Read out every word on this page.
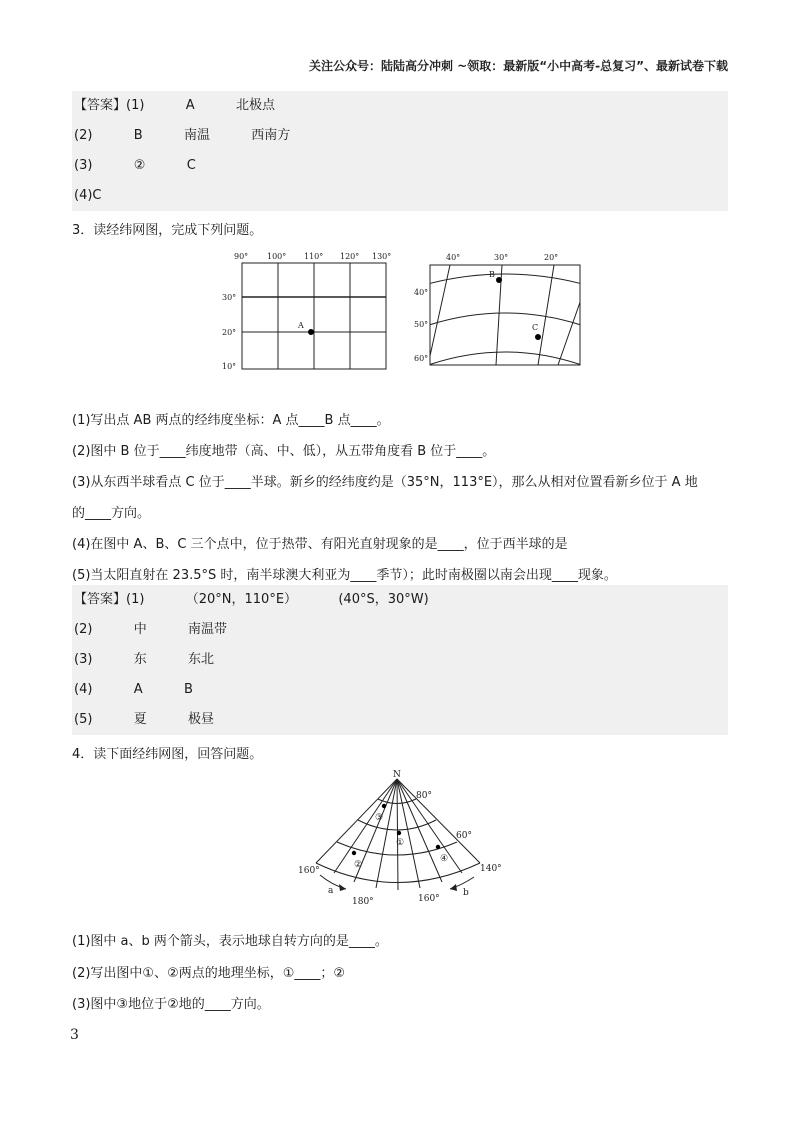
关注公众号：陆陆高分冲刺 ~领取：最新版“小中高考-总复习”、最新试卷下载
【答案】(1)          A          北极点
(2)          B          南温          西南方
(3)          ②          C
(4)C
3．读经纬网图，完成下列问题。
90° 100° 110° 120° 130°
30°
20°
10°
A
40°	30°	20°
40°
50°
60°
B
C
(1)写出点 AB 两点的经纬度坐标：A 点____B 点____。
(2)图中 B 位于____纬度地带（高、中、低），从五带角度看 B 位于____。
(3)从东西半球看点 C 位于____半球。新乡的经纬度约是（35°N，113°E），那么从相对位置看新乡位于 A 地
的____方向。
(4)在图中 A、B、C 三个点中，位于热带、有阳光直射现象的是____，位于西半球的是
(5)当太阳直射在 23.5°S 时，南半球澳大利亚为____季节）；此时南极圈以南会出现____现象。
【答案】(1)          （20°N，110°E）          (40°S，30°W)
(2)          中          南温带
(3)          东          东北
(4)          A          B
(5)          夏          极昼
4．读下面经纬网图，回答问题。
N
80°
60°
140°
160°
180°	160°
a	b
①
②
③
④
(1)图中 a、b 两个箭头，表示地球自转方向的是____。
(2)写出图中①、②两点的地理坐标，①____；②
(3)图中③地位于②地的____方向。
3
